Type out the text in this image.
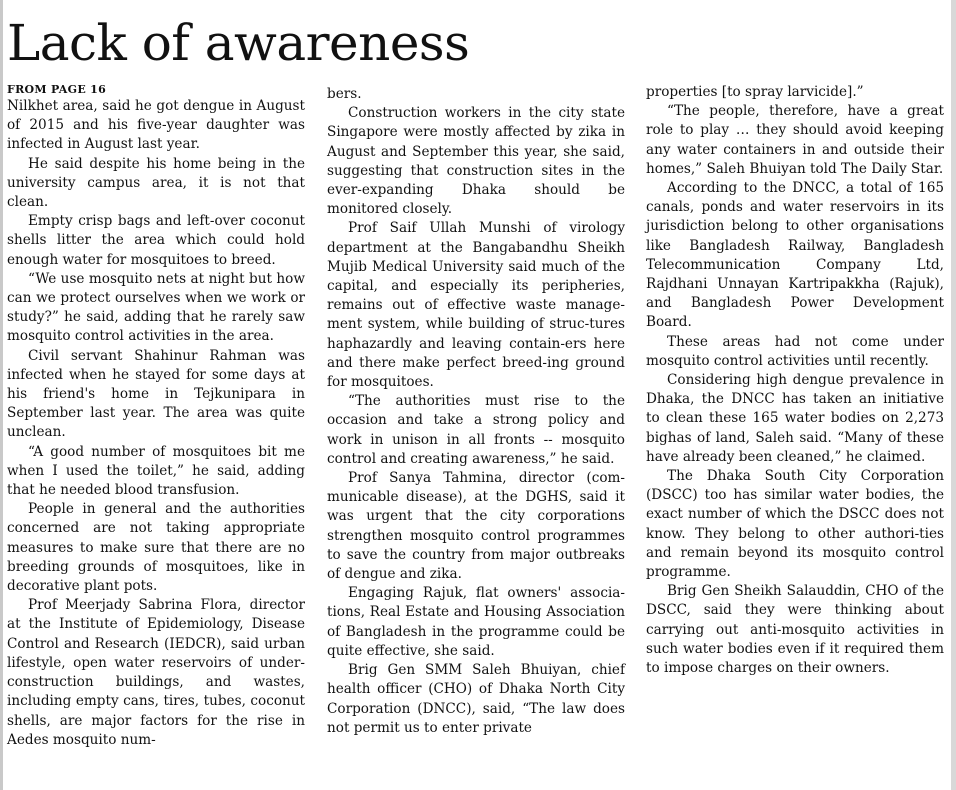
Lack of awareness
FROM PAGE 16

Nilkhet area, said he got dengue in August of 2015 and his five-year daughter was infected in August last year.

He said despite his home being in the university campus area, it is not that clean.

Empty crisp bags and left-over coconut shells litter the area which could hold enough water for mosquitoes to breed.

“We use mosquito nets at night but how can we protect ourselves when we work or study?” he said, adding that he rarely saw mosquito control activities in the area.

Civil servant Shahinur Rahman was infected when he stayed for some days at his friend's home in Tejkunipara in September last year. The area was quite unclean.

“A good number of mosquitoes bit me when I used the toilet,” he said, adding that he needed blood transfusion.

People in general and the authorities concerned are not taking appropriate measures to make sure that there are no breeding grounds of mosquitoes, like in decorative plant pots.

Prof Meerjady Sabrina Flora, director at the Institute of Epidemiology, Disease Control and Research (IEDCR), said urban lifestyle, open water reservoirs of under-construction buildings, and wastes, including empty cans, tires, tubes, coconut shells, are major factors for the rise in Aedes mosquito num-

bers.

Construction workers in the city state Singapore were mostly affected by zika in August and September this year, she said, suggesting that construction sites in the ever-expanding Dhaka should be monitored closely.

Prof Saif Ullah Munshi of virology department at the Bangabandhu Sheikh Mujib Medical University said much of the capital, and especially its peripheries, remains out of effective waste manage-ment system, while building of struc-tures haphazardly and leaving contain-ers here and there make perfect breed-ing ground for mosquitoes.

“The authorities must rise to the occasion and take a strong policy and work in unison in all fronts -- mosquito control and creating awareness,” he said.

Prof Sanya Tahmina, director (com-municable disease), at the DGHS, said it was urgent that the city corporations strengthen mosquito control programmes to save the country from major outbreaks of dengue and zika.

Engaging Rajuk, flat owners' associa-tions, Real Estate and Housing Association of Bangladesh in the programme could be quite effective, she said.

Brig Gen SMM Saleh Bhuiyan, chief health officer (CHO) of Dhaka North City Corporation (DNCC), said, “The law does not permit us to enter private

properties [to spray larvicide].”

“The people, therefore, have a great role to play … they should avoid keeping any water containers in and outside their homes,” Saleh Bhuiyan told The Daily Star.

According to the DNCC, a total of 165 canals, ponds and water reservoirs in its jurisdiction belong to other organisations like Bangladesh Railway, Bangladesh Telecommunication Company Ltd, Rajdhani Unnayan Kartripakkha (Rajuk), and Bangladesh Power Development Board.

These areas had not come under mosquito control activities until recently.

Considering high dengue prevalence in Dhaka, the DNCC has taken an initiative to clean these 165 water bodies on 2,273 bighas of land, Saleh said. “Many of these have already been cleaned,” he claimed.

The Dhaka South City Corporation (DSCC) too has similar water bodies, the exact number of which the DSCC does not know. They belong to other authori-ties and remain beyond its mosquito control programme.

Brig Gen Sheikh Salauddin, CHO of the DSCC, said they were thinking about carrying out anti-mosquito activities in such water bodies even if it required them to impose charges on their owners.
